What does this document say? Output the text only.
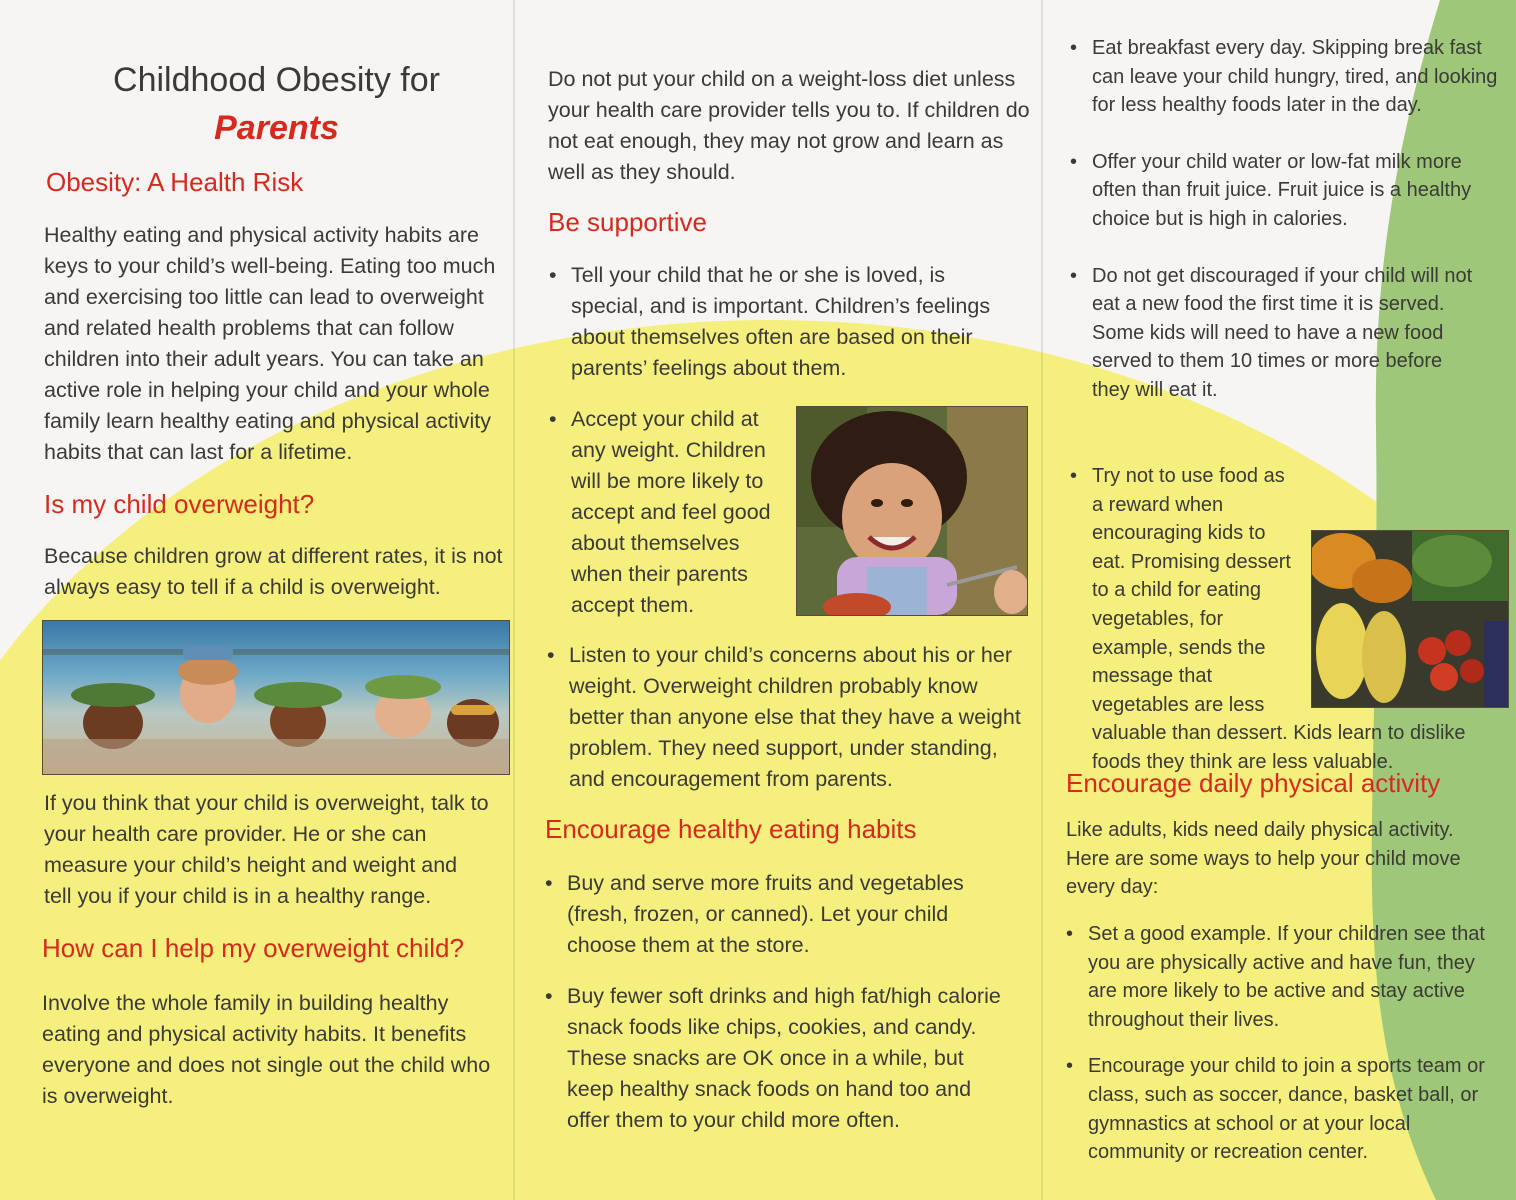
Childhood Obesity for
Parents
Obesity: A Health Risk

Healthy eating and physical activity habits are keys to your child’s well-being. Eating too much and exercising too little can lead to overweight and related health problems that can follow children into their adult years. You can take an active role in helping your child and your whole family learn healthy eating and physical activity habits that can last for a lifetime.

Is my child overweight?

Because children grow at different rates, it is not always easy to tell if a child is overweight.

If you think that your child is overweight, talk to your health care provider. He or she can measure your child’s height and weight and tell you if your child is in a healthy range.

How can I help my overweight child?

Involve the whole family in building healthy eating and physical activity habits. It benefits everyone and does not single out the child who is overweight.

Do not put your child on a weight-loss diet unless your health care provider tells you to. If children do not eat enough, they may not grow and learn as well as they should.

Be supportive
• Tell your child that he or she is loved, is special, and is important. Children’s feelings about themselves often are based on their parents’ feelings about them.
• Accept your child at any weight. Children will be more likely to accept and feel good about themselves when their parents accept them.
• Listen to your child’s concerns about his or her weight. Overweight children probably know better than anyone else that they have a weight problem. They need support, under standing, and encouragement from parents.
Encourage healthy eating habits
• Buy and serve more fruits and vegetables (fresh, frozen, or canned). Let your child choose them at the store.
• Buy fewer soft drinks and high fat/high calorie snack foods like chips, cookies, and candy. These snacks are OK once in a while, but keep healthy snack foods on hand too and offer them to your child more often.
• Eat breakfast every day. Skipping break fast can leave your child hungry, tired, and looking for less healthy foods later in the day.
• Offer your child water or low-fat milk more often than fruit juice. Fruit juice is a healthy choice but is high in calories.
• Do not get discouraged if your child will not eat a new food the first time it is served. Some kids will need to have a new food served to them 10 times or more before they will eat it.
• Try not to use food as a reward when encouraging kids to eat. Promising dessert to a child for eating vegetables, for example, sends the message that vegetables are less valuable than dessert. Kids learn to dislike foods they think are less valuable.
Encourage daily physical activity

Like adults, kids need daily physical activity. Here are some ways to help your child move every day:

• Set a good example. If your children see that you are physically active and have fun, they are more likely to be active and stay active throughout their lives.
• Encourage your child to join a sports team or class, such as soccer, dance, basket ball, or gymnastics at school or at your local community or recreation center.
